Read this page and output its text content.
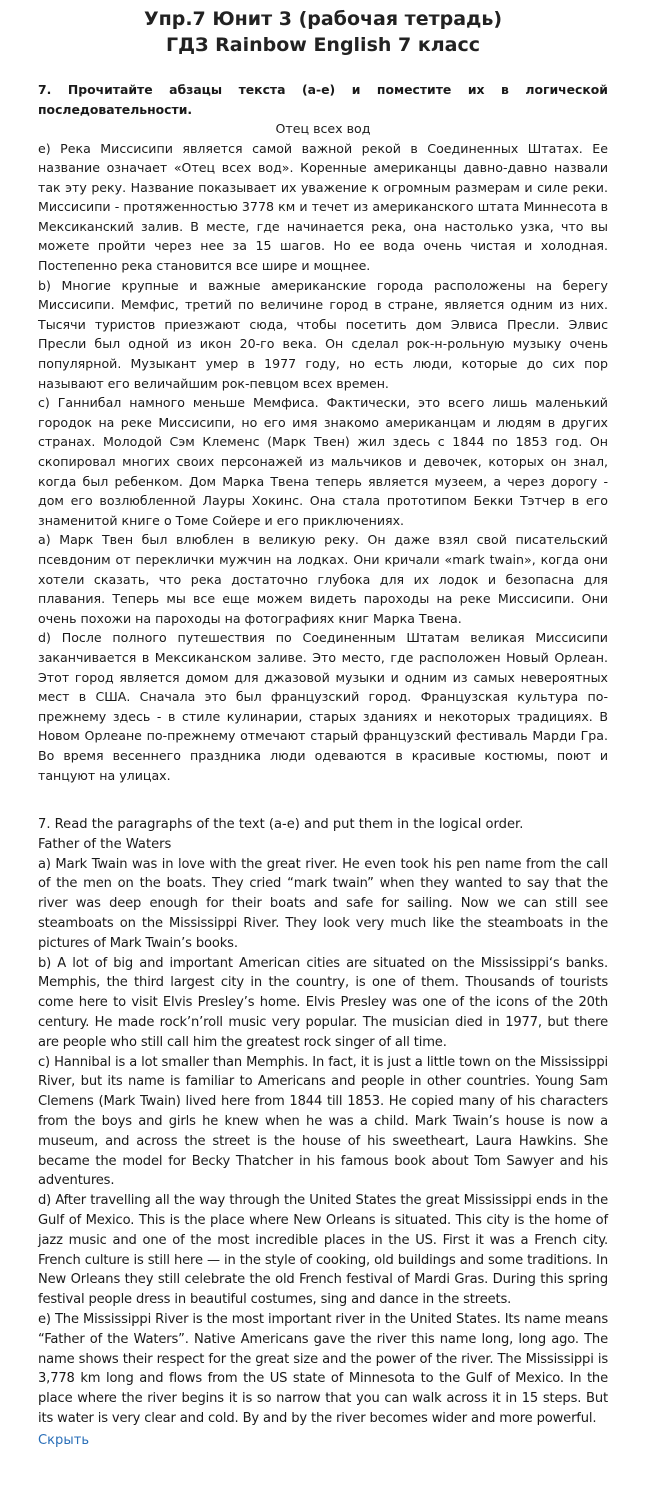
Упр.7 Юнит 3 (рабочая тетрадь)
ГДЗ Rainbow English 7 класс

7. Прочитайте абзацы текста (a-e) и поместите их в логической последовательности.

Отец всех вод

e) Река Миссисипи является самой важной рекой в Соединенных Штатах. Ее название означает «Отец всех вод». Коренные американцы давно-давно назвали так эту реку. Название показывает их уважение к огромным размерам и силе реки. Миссисипи - протяженностью 3778 км и течет из американского штата Миннесота в Мексиканский залив. В месте, где начинается река, она настолько узка, что вы можете пройти через нее за 15 шагов. Но ее вода очень чистая и холодная. Постепенно река становится все шире и мощнее.

b) Многие крупные и важные американские города расположены на берегу Миссисипи. Мемфис, третий по величине город в стране, является одним из них. Тысячи туристов приезжают сюда, чтобы посетить дом Элвиса Пресли. Элвис Пресли был одной из икон 20-го века. Он сделал рок-н-рольную музыку очень популярной. Музыкант умер в 1977 году, но есть люди, которые до сих пор называют его величайшим рок-певцом всех времен.

c) Ганнибал намного меньше Мемфиса. Фактически, это всего лишь маленький городок на реке Миссисипи, но его имя знакомо американцам и людям в других странах. Молодой Сэм Клеменс (Марк Твен) жил здесь с 1844 по 1853 год. Он скопировал многих своих персонажей из мальчиков и девочек, которых он знал, когда был ребенком. Дом Марка Твена теперь является музеем, а через дорогу - дом его возлюбленной Лауры Хокинс. Она стала прототипом Бекки Тэтчер в его знаменитой книге о Томе Сойере и его приключениях.

a) Марк Твен был влюблен в великую реку. Он даже взял свой писательский псевдоним от переклички мужчин на лодках. Они кричали «mark twain», когда они хотели сказать, что река достаточно глубока для их лодок и безопасна для плавания. Теперь мы все еще можем видеть пароходы на реке Миссисипи. Они очень похожи на пароходы на фотографиях книг Марка Твена.

d) После полного путешествия по Соединенным Штатам великая Миссисипи заканчивается в Мексиканском заливе. Это место, где расположен Новый Орлеан. Этот город является домом для джазовой музыки и одним из самых невероятных мест в США. Сначала это был французский город. Французская культура по-прежнему здесь - в стиле кулинарии, старых зданиях и некоторых традициях. В Новом Орлеане по-прежнему отмечают старый французский фестиваль Марди Гра. Во время весеннего праздника люди одеваются в красивые костюмы, поют и танцуют на улицах.

7. Read the paragraphs of the text (a-e) and put them in the logical order.

Father of the Waters

a) Mark Twain was in love with the great river. He even took his pen name from the call of the men on the boats. They cried “mark twain” when they wanted to say that the river was deep enough for their boats and safe for sailing. Now we can still see steamboats on the Mississippi River. They look very much like the steamboats in the pictures of Mark Twain’s books.

b) A lot of big and important American cities are situated on the Mississippi‘s banks. Memphis, the third largest city in the country, is one of them. Thousands of tourists come here to visit Elvis Presley’s home. Elvis Presley was one of the icons of the 20th century. He made rock’n’roll music very popular. The musician died in 1977, but there are people who still call him the greatest rock singer of all time.

c) Hannibal is a lot smaller than Memphis. In fact, it is just a little town on the Mississippi River, but its name is familiar to Americans and people in other countries. Young Sam Clemens (Mark Twain) lived here from 1844 till 1853. He copied many of his characters from the boys and girls he knew when he was a child. Mark Twain’s house is now a museum, and across the street is the house of his sweetheart, Laura Hawkins. She became the model for Becky Thatcher in his famous book about Tom Sawyer and his adventures.

d) After travelling all the way through the United States the great Mississippi ends in the Gulf of Mexico. This is the place where New Orleans is situated. This city is the home of jazz music and one of the most incredible places in the US. First it was a French city. French culture is still here — in the style of cooking, old buildings and some traditions. In New Orleans they still celebrate the old French festival of Mardi Gras. During this spring festival people dress in beautiful costumes, sing and dance in the streets.

e) The Mississippi River is the most important river in the United States. Its name means “Father of the Waters”. Native Americans gave the river this name long, long ago. The name shows their respect for the great size and the power of the river. The Mississippi is 3,778 km long and flows from the US state of Minnesota to the Gulf of Mexico. In the place where the river begins it is so narrow that you can walk across it in 15 steps. But its water is very clear and cold. By and by the river becomes wider and more powerful.

Скрыть
